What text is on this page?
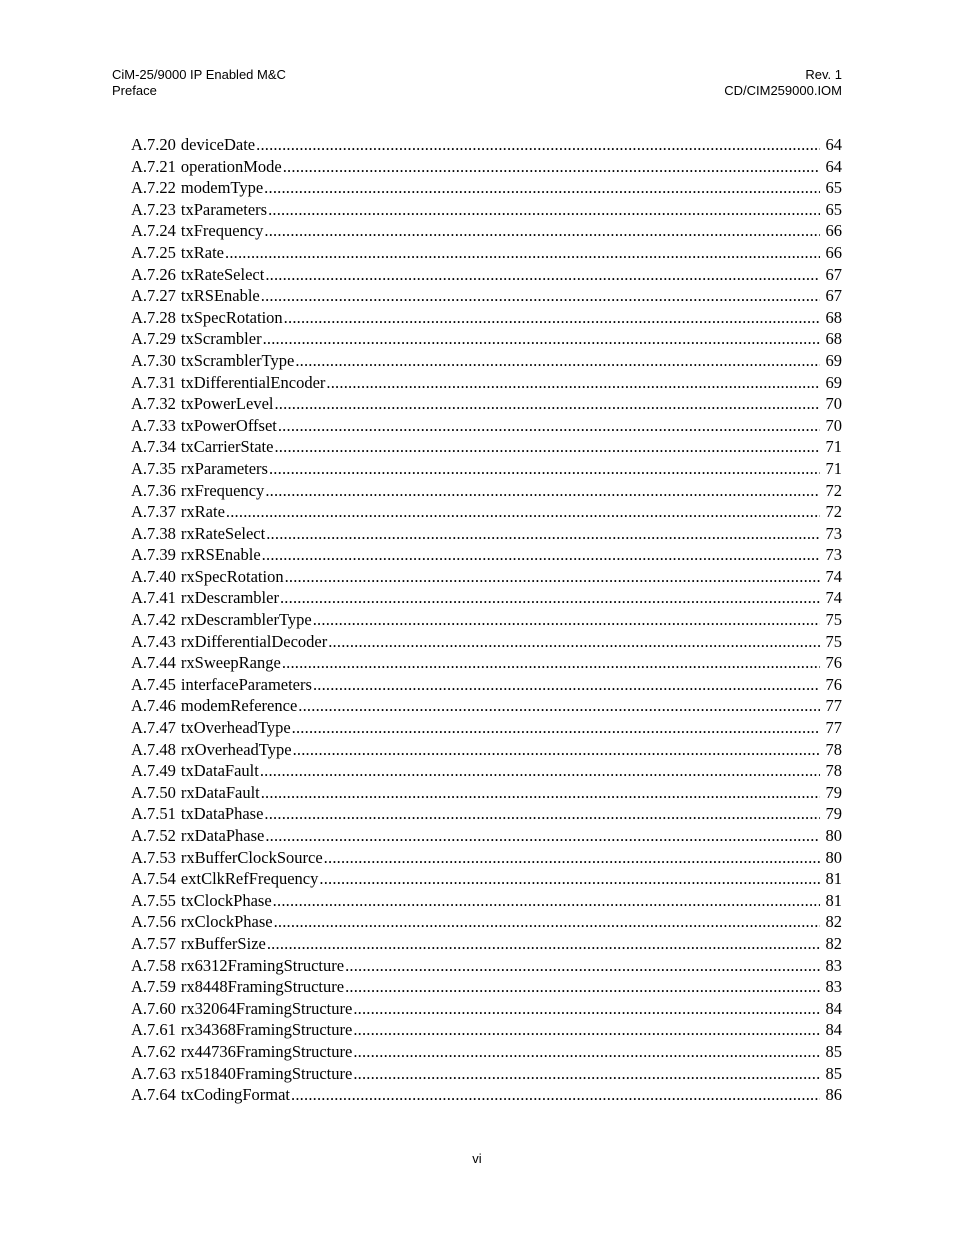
CiM-25/9000 IP Enabled M&C
Preface
Rev. 1
CD/CIM259000.IOM
A.7.20 deviceDate .....	64
A.7.21 operationMode .....	64
A.7.22 modemType .....	65
A.7.23 txParameters .....	65
A.7.24 txFrequency .....	66
A.7.25 txRate .....	66
A.7.26 txRateSelect .....	67
A.7.27 txRSEnable .....	67
A.7.28 txSpecRotation .....	68
A.7.29 txScrambler .....	68
A.7.30 txScramblerType .....	69
A.7.31 txDifferentialEncoder .....	69
A.7.32 txPowerLevel .....	70
A.7.33 txPowerOffset .....	70
A.7.34 txCarrierState .....	71
A.7.35 rxParameters .....	71
A.7.36 rxFrequency .....	72
A.7.37 rxRate .....	72
A.7.38 rxRateSelect .....	73
A.7.39 rxRSEnable .....	73
A.7.40 rxSpecRotation .....	74
A.7.41 rxDescrambler .....	74
A.7.42 rxDescramblerType .....	75
A.7.43 rxDifferentialDecoder .....	75
A.7.44 rxSweepRange .....	76
A.7.45 interfaceParameters .....	76
A.7.46 modemReference .....	77
A.7.47 txOverheadType .....	77
A.7.48 rxOverheadType .....	78
A.7.49 txDataFault .....	78
A.7.50 rxDataFault .....	79
A.7.51 txDataPhase .....	79
A.7.52 rxDataPhase .....	80
A.7.53 rxBufferClockSource .....	80
A.7.54 extClkRefFrequency .....	81
A.7.55 txClockPhase .....	81
A.7.56 rxClockPhase .....	82
A.7.57 rxBufferSize .....	82
A.7.58 rx6312FramingStructure .....	83
A.7.59 rx8448FramingStructure .....	83
A.7.60 rx32064FramingStructure .....	84
A.7.61 rx34368FramingStructure .....	84
A.7.62 rx44736FramingStructure .....	85
A.7.63 rx51840FramingStructure .....	85
A.7.64 txCodingFormat .....	86
vi
